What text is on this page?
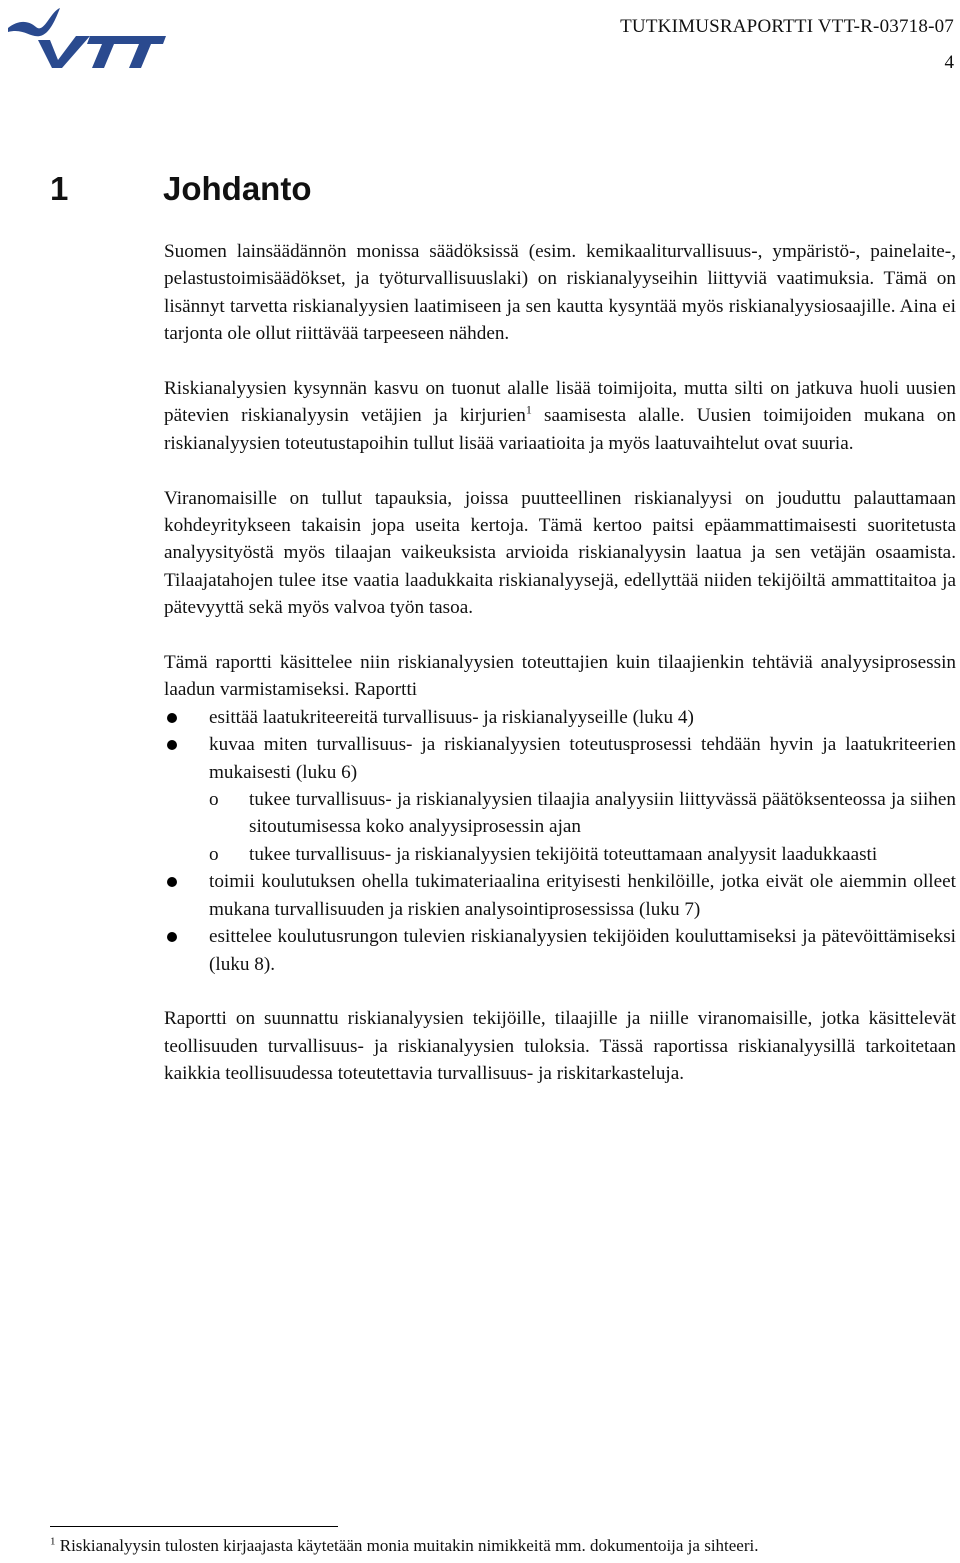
TUTKIMUSRAPORTTI VTT-R-03718-07
4
1	Johdanto

Suomen lainsäädännön monissa säädöksissä (esim. kemikaaliturvallisuus-, ympäristö-, painelaite-, pelastustoimisäädökset, ja työturvallisuuslaki) on riskianalyyseihin liittyviä vaatimuksia. Tämä on lisännyt tarvetta riskianalyysien laatimiseen ja sen kautta kysyntää myös riskianalyysiosaajille. Aina ei tarjonta ole ollut riittävää tarpeeseen nähden.

Riskianalyysien kysynnän kasvu on tuonut alalle lisää toimijoita, mutta silti on jatkuva huoli uusien pätevien riskianalyysin vetäjien ja kirjurien$^1$ saamisesta alalle. Uusien toimijoiden mukana on riskianalyysien toteutustapoihin tullut lisää variaatioita ja myös laatuvaihtelut ovat suuria.

Viranomaisille on tullut tapauksia, joissa puutteellinen riskianalyysi on jouduttu palauttamaan kohdeyritykseen takaisin jopa useita kertoja. Tämä kertoo paitsi epäammattimaisesti suoritetusta analyysityöstä myös tilaajan vaikeuksista arvioida riskianalyysin laatua ja sen vetäjän osaamista. Tilaajatahojen tulee itse vaatia laadukkaita riskianalyysejä, edellyttää niiden tekijöiltä ammattitaitoa ja pätevyyttä sekä myös valvoa työn tasoa.

Tämä raportti käsittelee niin riskianalyysien toteuttajien kuin tilaajienkin tehtäviä analyysiprosessin laadun varmistamiseksi. Raportti

esittää laatukriteereitä turvallisuus- ja riskianalyyseille (luku 4)
kuvaa miten turvallisuus- ja riskianalyysien toteutusprosessi tehdään hyvin ja laatukriteerien mukaisesti (luku 6)
o tukee turvallisuus- ja riskianalyysien tilaajia analyysiin liittyvässä päätöksenteossa ja siihen sitoutumisessa koko analyysiprosessin ajan
o tukee turvallisuus- ja riskianalyysien tekijöitä toteuttamaan analyysit laadukkaasti
toimii koulutuksen ohella tukimateriaalina erityisesti henkilöille, jotka eivät ole aiemmin olleet mukana turvallisuuden ja riskien analysointiprosessissa (luku 7)
esittelee koulutusrungon tulevien riskianalyysien tekijöiden kouluttamiseksi ja pätevöittämiseksi (luku 8).

Raportti on suunnattu riskianalyysien tekijöille, tilaajille ja niille viranomaisille, jotka käsittelevät teollisuuden turvallisuus- ja riskianalyysien tuloksia. Tässä raportissa riskianalyysillä tarkoitetaan kaikkia teollisuudessa toteutettavia turvallisuus- ja riskitarkasteluja.

$^1$ Riskianalyysin tulosten kirjaajasta käytetään monia muitakin nimikkeitä mm. dokumentoija ja sihteeri.
